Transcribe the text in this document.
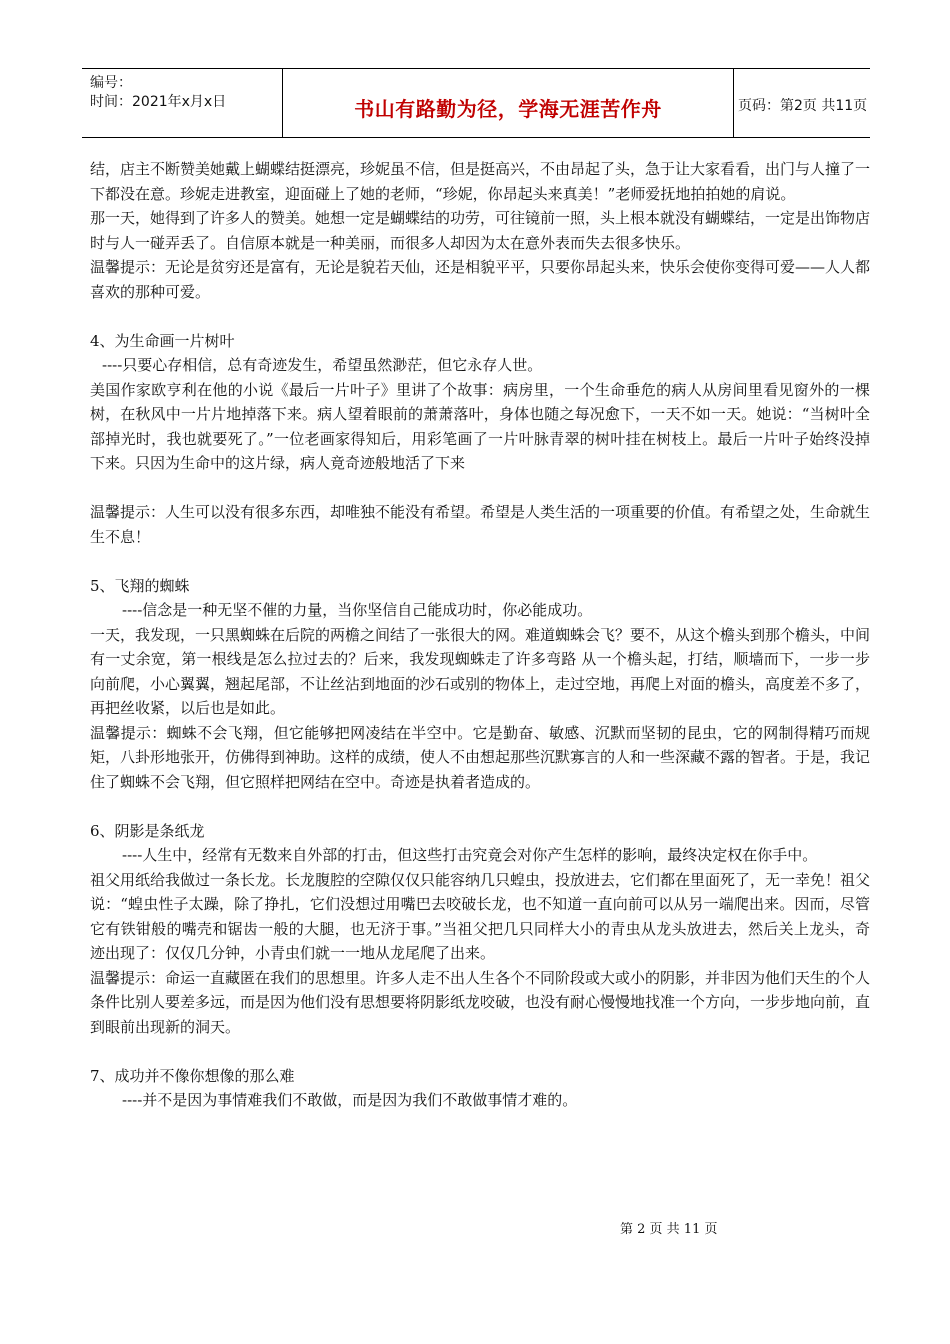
编号：
时间：2021年x月x日	书山有路勤为径，学海无涯苦作舟	页码：第2页 共11页

结，店主不断赞美她戴上蝴蝶结挺漂亮，珍妮虽不信，但是挺高兴，不由昂起了头，急于让大家看看，出门与人撞了一下都没在意。珍妮走进教室，迎面碰上了她的老师，“珍妮，你昂起头来真美！”老师爱抚地拍拍她的肩说。

那一天，她得到了许多人的赞美。她想一定是蝴蝶结的功劳，可往镜前一照，头上根本就没有蝴蝶结，一定是出饰物店时与人一碰弄丢了。自信原本就是一种美丽，而很多人却因为太在意外表而失去很多快乐。

温馨提示：无论是贫穷还是富有，无论是貌若天仙，还是相貌平平，只要你昂起头来，快乐会使你变得可爱——人人都喜欢的那种可爱。

4、为生命画一片树叶

----只要心存相信，总有奇迹发生，希望虽然渺茫，但它永存人世。

美国作家欧亨利在他的小说《最后一片叶子》里讲了个故事：病房里，一个生命垂危的病人从房间里看见窗外的一棵树，在秋风中一片片地掉落下来。病人望着眼前的萧萧落叶，身体也随之每况愈下，一天不如一天。她说：“当树叶全部掉光时，我也就要死了。”一位老画家得知后，用彩笔画了一片叶脉青翠的树叶挂在树枝上。最后一片叶子始终没掉下来。只因为生命中的这片绿，病人竟奇迹般地活了下来

温馨提示：人生可以没有很多东西，却唯独不能没有希望。希望是人类生活的一项重要的价值。有希望之处，生命就生生不息！

5、飞翔的蜘蛛

----信念是一种无坚不催的力量，当你坚信自己能成功时，你必能成功。

一天，我发现，一只黑蜘蛛在后院的两檐之间结了一张很大的网。难道蜘蛛会飞？要不，从这个檐头到那个檐头，中间有一丈余宽，第一根线是怎么拉过去的？后来，我发现蜘蛛走了许多弯路 从一个檐头起，打结，顺墙而下，一步一步向前爬，小心翼翼，翘起尾部，不让丝沾到地面的沙石或别的物体上，走过空地，再爬上对面的檐头，高度差不多了，再把丝收紧，以后也是如此。

温馨提示：蜘蛛不会飞翔，但它能够把网凌结在半空中。它是勤奋、敏感、沉默而坚韧的昆虫，它的网制得精巧而规矩，八卦形地张开，仿佛得到神助。这样的成绩，使人不由想起那些沉默寡言的人和一些深藏不露的智者。于是，我记住了蜘蛛不会飞翔，但它照样把网结在空中。奇迹是执着者造成的。

6、阴影是条纸龙

----人生中，经常有无数来自外部的打击，但这些打击究竟会对你产生怎样的影响，最终决定权在你手中。

祖父用纸给我做过一条长龙。长龙腹腔的空隙仅仅只能容纳几只蝗虫，投放进去，它们都在里面死了，无一幸免！祖父说：“蝗虫性子太躁，除了挣扎，它们没想过用嘴巴去咬破长龙，也不知道一直向前可以从另一端爬出来。因而，尽管它有铁钳般的嘴壳和锯齿一般的大腿，也无济于事。”当祖父把几只同样大小的青虫从龙头放进去，然后关上龙头，奇迹出现了：仅仅几分钟，小青虫们就一一地从龙尾爬了出来。

温馨提示：命运一直藏匿在我们的思想里。许多人走不出人生各个不同阶段或大或小的阴影，并非因为他们天生的个人条件比别人要差多远，而是因为他们没有思想要将阴影纸龙咬破，也没有耐心慢慢地找准一个方向，一步步地向前，直到眼前出现新的洞天。

7、成功并不像你想像的那么难

----并不是因为事情难我们不敢做，而是因为我们不敢做事情才难的。

第 2 页 共 11 页
